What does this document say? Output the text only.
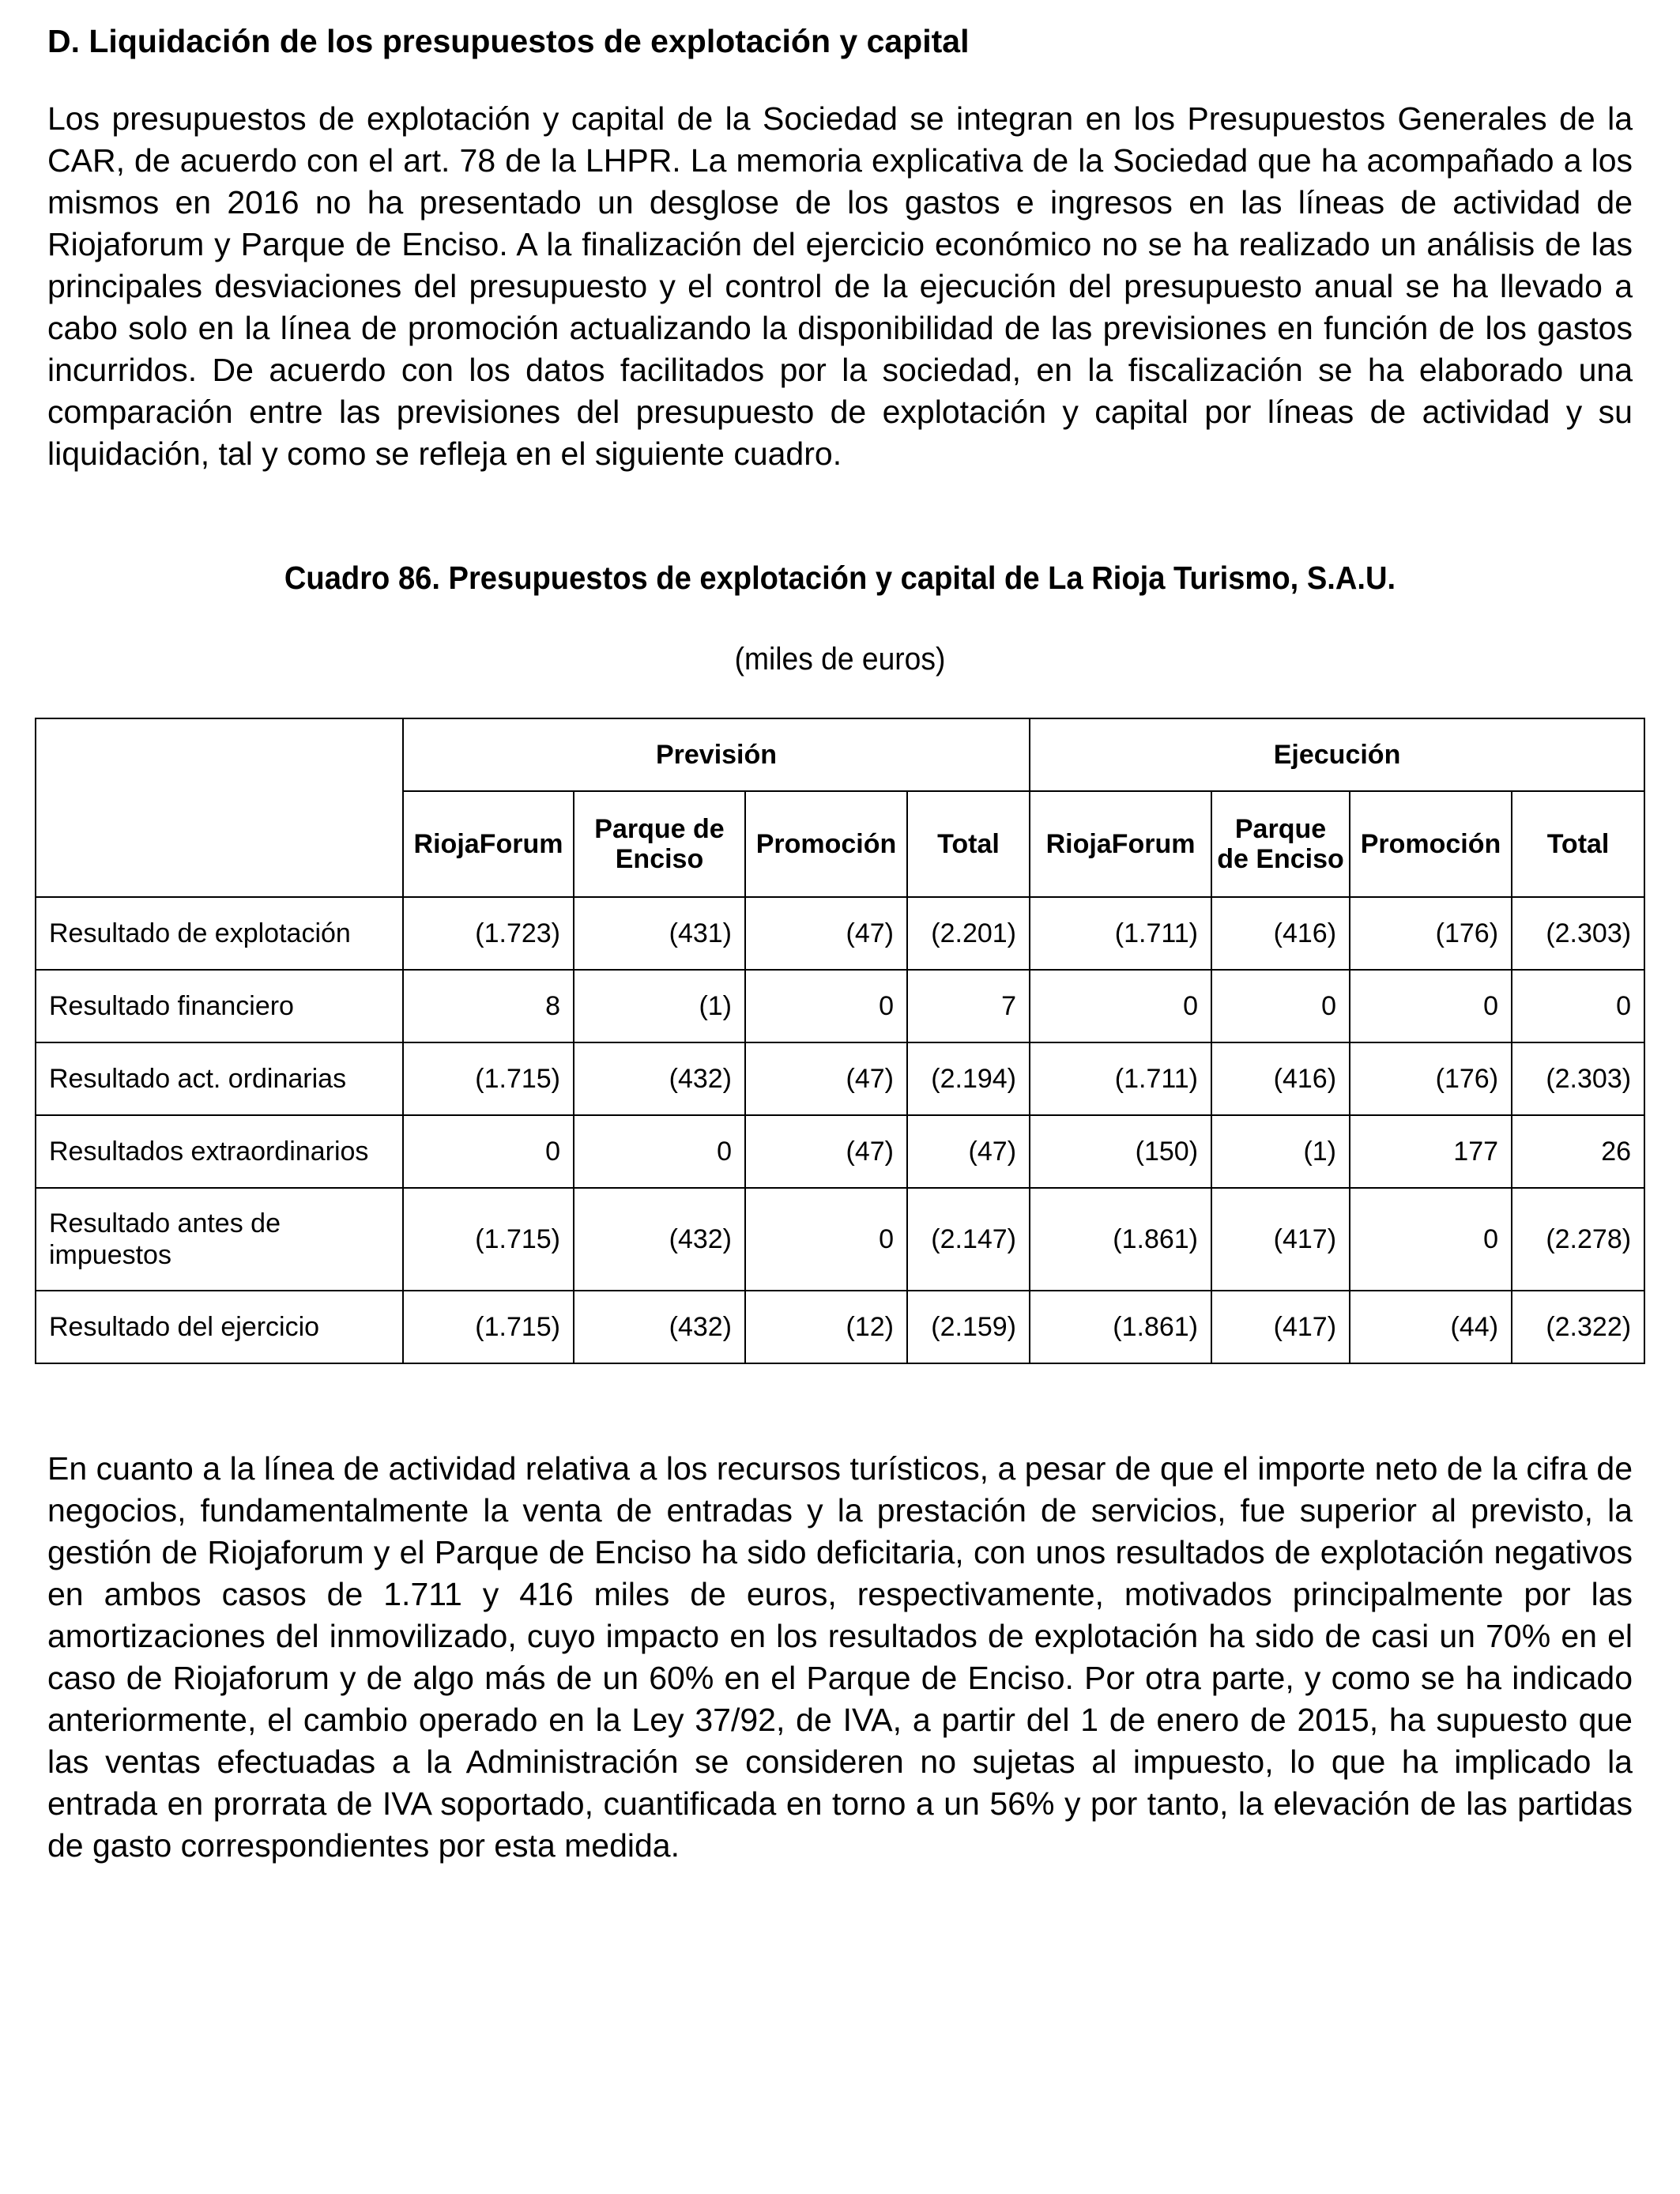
D. Liquidación de los presupuestos de explotación y capital

Los presupuestos de explotación y capital de la Sociedad se integran en los Presupuestos Generales de la CAR, de acuerdo con el art. 78 de la LHPR. La memoria explicativa de la Sociedad que ha acompañado a los mismos en 2016 no ha presentado un desglose de los gastos e ingresos en las líneas de actividad de Riojaforum y Parque de Enciso. A la finalización del ejercicio económico no se ha realizado un análisis de las principales desviaciones del presupuesto y el control de la ejecución del presupuesto anual se ha llevado a cabo solo en la línea de promoción actualizando la disponibilidad de las previsiones en función de los gastos incurridos. De acuerdo con los datos facilitados por la sociedad, en la fiscalización se ha elaborado una comparación entre las previsiones del presupuesto de explotación y capital por líneas de actividad y su liquidación, tal y como se refleja en el siguiente cuadro.

Cuadro 86. Presupuestos de explotación y capital de La Rioja Turismo, S.A.U.

(miles de euros)

	Previsión				Ejecución			
	RiojaForum	Parque de Enciso	Promoción	Total	RiojaForum	Parque de Enciso	Promoción	Total
Resultado de explotación	(1.723)	(431)	(47)	(2.201)	(1.711)	(416)	(176)	(2.303)
Resultado financiero	8	(1)	0	7	0	0	0	0
Resultado act. ordinarias	(1.715)	(432)	(47)	(2.194)	(1.711)	(416)	(176)	(2.303)
Resultados extraordinarios	0	0	(47)	(47)	(150)	(1)	177	26
Resultado antes de impuestos	(1.715)	(432)	0	(2.147)	(1.861)	(417)	0	(2.278)
Resultado del ejercicio	(1.715)	(432)	(12)	(2.159)	(1.861)	(417)	(44)	(2.322)

En cuanto a la línea de actividad relativa a los recursos turísticos, a pesar de que el importe neto de la cifra de negocios, fundamentalmente la venta de entradas y la prestación de servicios, fue superior al previsto, la gestión de Riojaforum y el Parque de Enciso ha sido deficitaria, con unos resultados de explotación negativos en ambos casos de 1.711 y 416 miles de euros, respectivamente, motivados principalmente por las amortizaciones del inmovilizado, cuyo impacto en los resultados de explotación ha sido de casi un 70% en el caso de Riojaforum y de algo más de un 60% en el Parque de Enciso. Por otra parte, y como se ha indicado anteriormente, el cambio operado en la Ley 37/92, de IVA, a partir del 1 de enero de 2015, ha supuesto que las ventas efectuadas a la Administración se consideren no sujetas al impuesto, lo que ha implicado la entrada en prorrata de IVA soportado, cuantificada en torno a un 56% y por tanto, la elevación de las partidas de gasto correspondientes por esta medida.
